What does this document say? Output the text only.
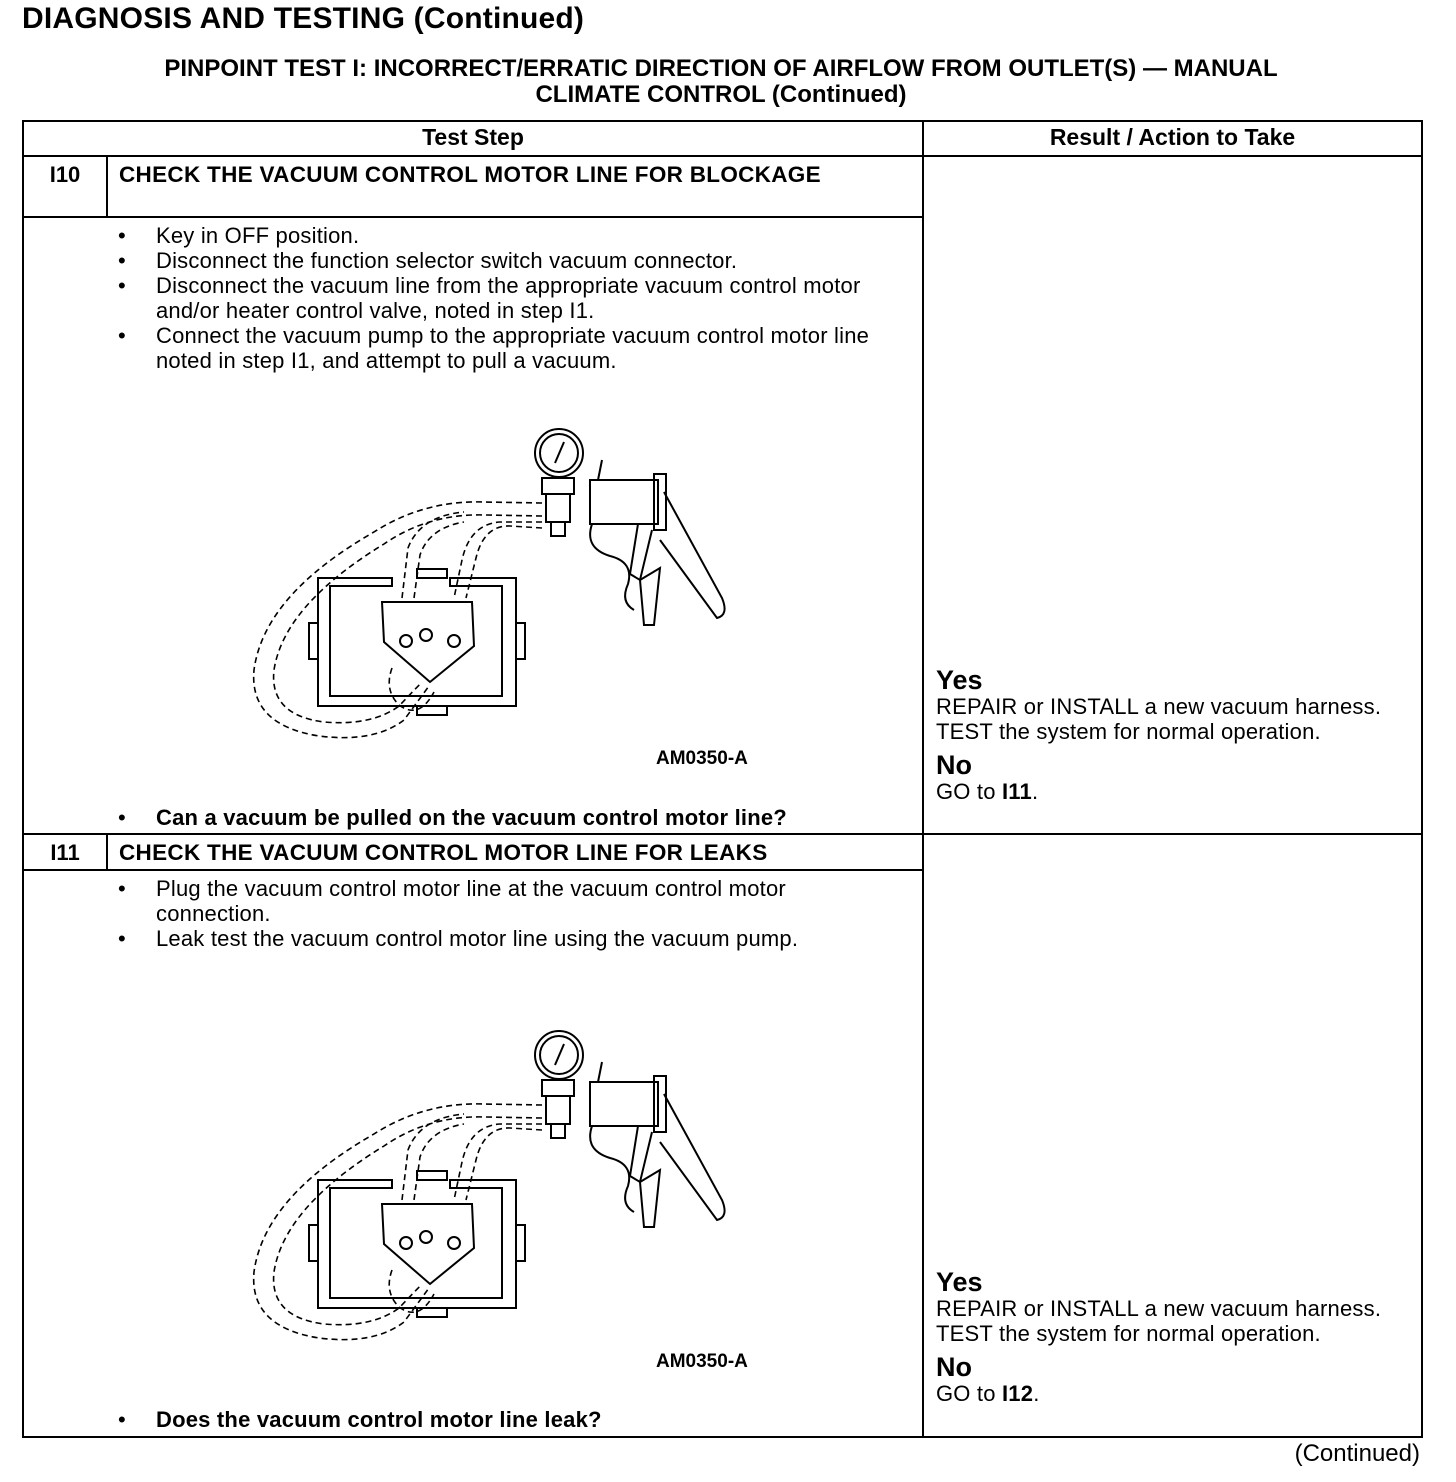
DIAGNOSIS AND TESTING (Continued)
PINPOINT TEST I: INCORRECT/ERRATIC DIRECTION OF AIRFLOW FROM OUTLET(S) — MANUAL
CLIMATE CONTROL (Continued)
Test Step	Result / Action to Take
I10	CHECK THE VACUUM CONTROL MOTOR LINE FOR BLOCKAGE
• Key in OFF position.
• Disconnect the function selector switch vacuum connector.
• Disconnect the vacuum line from the appropriate vacuum control motor and/or heater control valve, noted in step I1.
• Connect the vacuum pump to the appropriate vacuum control motor line noted in step I1, and attempt to pull a vacuum.
AM0350-A
• Can a vacuum be pulled on the vacuum control motor line?
Yes
REPAIR or INSTALL a new vacuum harness. TEST the system for normal operation.
No
GO to I11.
I11	CHECK THE VACUUM CONTROL MOTOR LINE FOR LEAKS
• Plug the vacuum control motor line at the vacuum control motor connection.
• Leak test the vacuum control motor line using the vacuum pump.
AM0350-A
• Does the vacuum control motor line leak?
Yes
REPAIR or INSTALL a new vacuum harness. TEST the system for normal operation.
No
GO to I12.
(Continued)
